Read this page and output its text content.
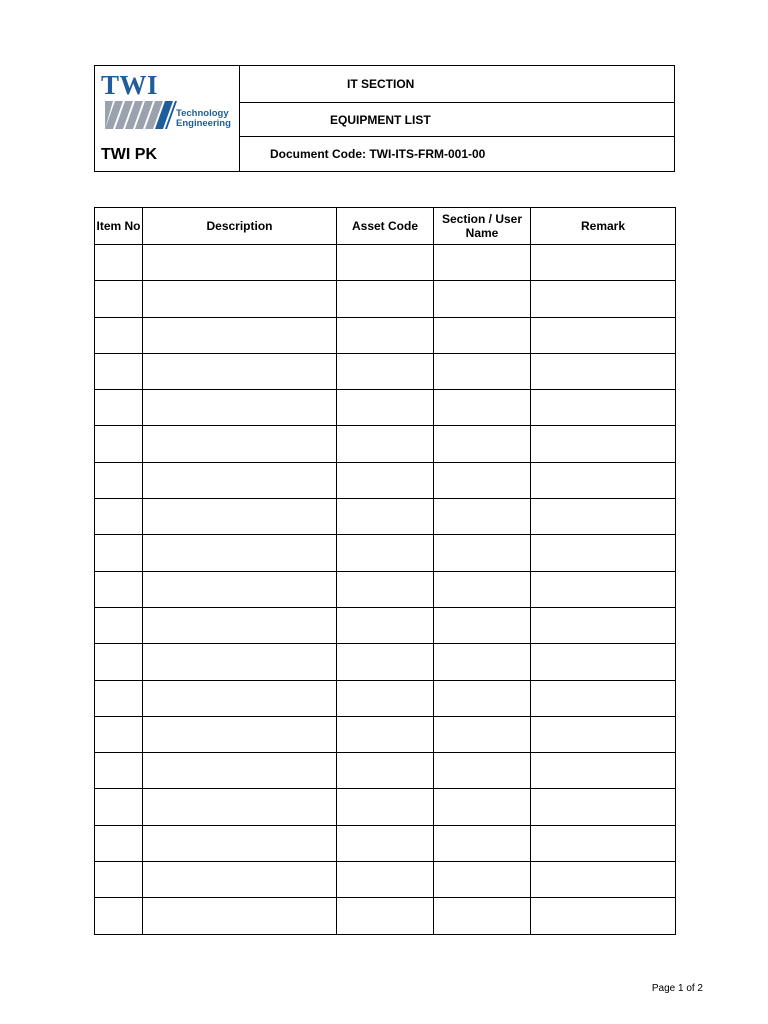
TWI
Technology
Engineering
TWI PK
IT SECTION
EQUIPMENT LIST
Document Code: TWI-ITS-FRM-001-00
Item No	Description	Asset Code	Section / User Name	Remark

Page 1 of 2
